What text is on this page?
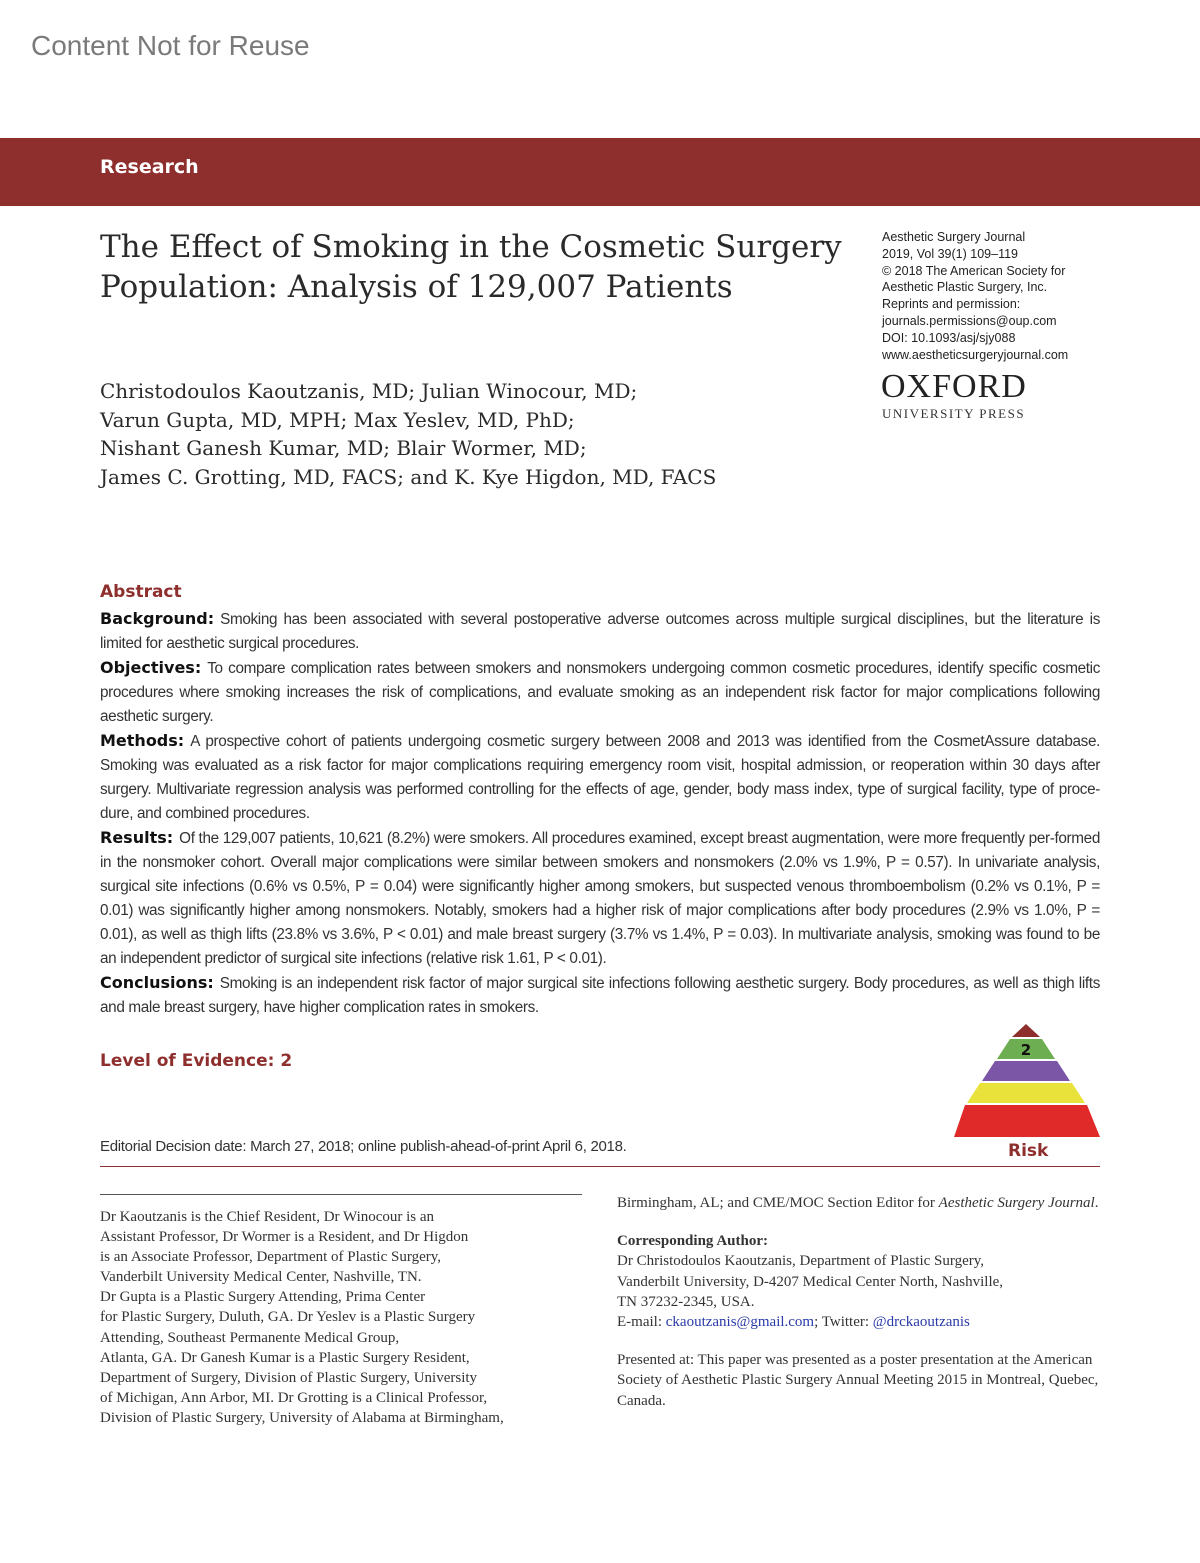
Content Not for Reuse
Research
The Effect of Smoking in the Cosmetic Surgery
Population: Analysis of 129,007 Patients
Aesthetic Surgery Journal
2019, Vol 39(1) 109–119
© 2018 The American Society for
Aesthetic Plastic Surgery, Inc.
Reprints and permission:
journals.permissions@oup.com
DOI: 10.1093/asj/sjy088
www.aestheticsurgeryjournal.com
OXFORD
UNIVERSITY PRESS
Christodoulos Kaoutzanis, MD; Julian Winocour, MD;
Varun Gupta, MD, MPH; Max Yeslev, MD, PhD;
Nishant Ganesh Kumar, MD; Blair Wormer, MD;
James C. Grotting, MD, FACS; and K. Kye Higdon, MD, FACS
Abstract

Background: Smoking has been associated with several postoperative adverse outcomes across multiple surgical disciplines, but the literature is limited for aesthetic surgical procedures.

Objectives: To compare complication rates between smokers and nonsmokers undergoing common cosmetic procedures, identify specific cosmetic procedures where smoking increases the risk of complications, and evaluate smoking as an independent risk factor for major complications following aesthetic surgery.

Methods: A prospective cohort of patients undergoing cosmetic surgery between 2008 and 2013 was identified from the CosmetAssure database. Smoking was evaluated as a risk factor for major complications requiring emergency room visit, hospital admission, or reoperation within 30 days after surgery. Multivariate regression analysis was performed controlling for the effects of age, gender, body mass index, type of surgical facility, type of proce-dure, and combined procedures.

Results: Of the 129,007 patients, 10,621 (8.2%) were smokers. All procedures examined, except breast augmentation, were more frequently per-formed in the nonsmoker cohort. Overall major complications were similar between smokers and nonsmokers (2.0% vs 1.9%, P = 0.57). In univariate analysis, surgical site infections (0.6% vs 0.5%, P = 0.04) were significantly higher among smokers, but suspected venous thromboembolism (0.2% vs 0.1%, P = 0.01) was significantly higher among nonsmokers. Notably, smokers had a higher risk of major complications after body procedures (2.9% vs 1.0%, P = 0.01), as well as thigh lifts (23.8% vs 3.6%, P < 0.01) and male breast surgery (3.7% vs 1.4%, P = 0.03). In multivariate analysis, smoking was found to be an independent predictor of surgical site infections (relative risk 1.61, P < 0.01).

Conclusions: Smoking is an independent risk factor of major surgical site infections following aesthetic surgery. Body procedures, as well as thigh lifts and male breast surgery, have higher complication rates in smokers.

Level of Evidence: 2
2
Risk
Editorial Decision date: March 27, 2018; online publish-ahead-of-print April 6, 2018.
Dr Kaoutzanis is the Chief Resident, Dr Winocour is an
Assistant Professor, Dr Wormer is a Resident, and Dr Higdon
is an Associate Professor, Department of Plastic Surgery,
Vanderbilt University Medical Center, Nashville, TN.
Dr Gupta is a Plastic Surgery Attending, Prima Center
for Plastic Surgery, Duluth, GA. Dr Yeslev is a Plastic Surgery
Attending, Southeast Permanente Medical Group,
Atlanta, GA. Dr Ganesh Kumar is a Plastic Surgery Resident,
Department of Surgery, Division of Plastic Surgery, University
of Michigan, Ann Arbor, MI. Dr Grotting is a Clinical Professor,
Division of Plastic Surgery, University of Alabama at Birmingham,
Birmingham, AL; and CME/MOC Section Editor for Aesthetic Surgery Journal.
Corresponding Author:
Dr Christodoulos Kaoutzanis, Department of Plastic Surgery,
Vanderbilt University, D-4207 Medical Center North, Nashville,
TN 37232-2345, USA.
E-mail: ckaoutzanis@gmail.com; Twitter: @drckaoutzanis
Presented at: This paper was presented as a poster presentation at the American Society of Aesthetic Plastic Surgery Annual Meeting 2015 in Montreal, Quebec, Canada.
